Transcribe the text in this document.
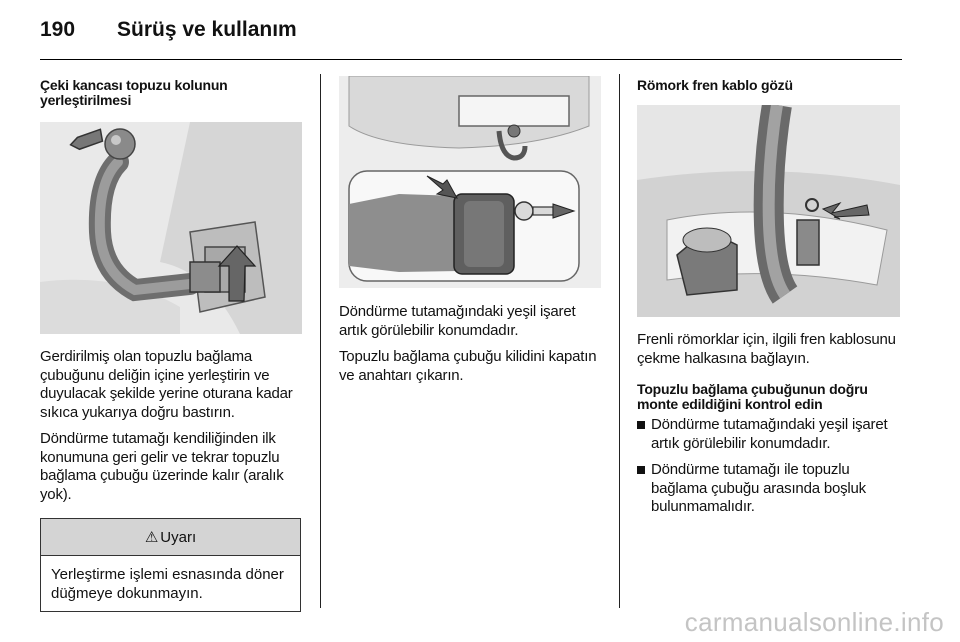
190 Sürüş ve kullanım

Çeki kancası topuzu kolunun yerleştirilmesi

Gerdirilmiş olan topuzlu bağlama çubuğunu deliğin içine yerleştirin ve duyulacak şekilde yerine oturana kadar sıkıca yukarıya doğru bastırın.

Döndürme tutamağı kendiliğinden ilk konumuna geri gelir ve tekrar topuzlu bağlama çubuğu üzerinde kalır (aralık yok).

⚠ Uyarı
Yerleştirme işlemi esnasında döner düğmeye dokunmayın.

Döndürme tutamağındaki yeşil işaret artık görülebilir konumdadır.

Topuzlu bağlama çubuğu kilidini kapatın ve anahtarı çıkarın.

Römork fren kablo gözü

Frenli römorklar için, ilgili fren kablosunu çekme halkasına bağlayın.

Topuzlu bağlama çubuğunun doğru monte edildiğini kontrol edin

Döndürme tutamağındaki yeşil işaret artık görülebilir konumdadır.
Döndürme tutamağı ile topuzlu bağlama çubuğu arasında boşluk bulunmamalıdır.
carmanualsonline.info
